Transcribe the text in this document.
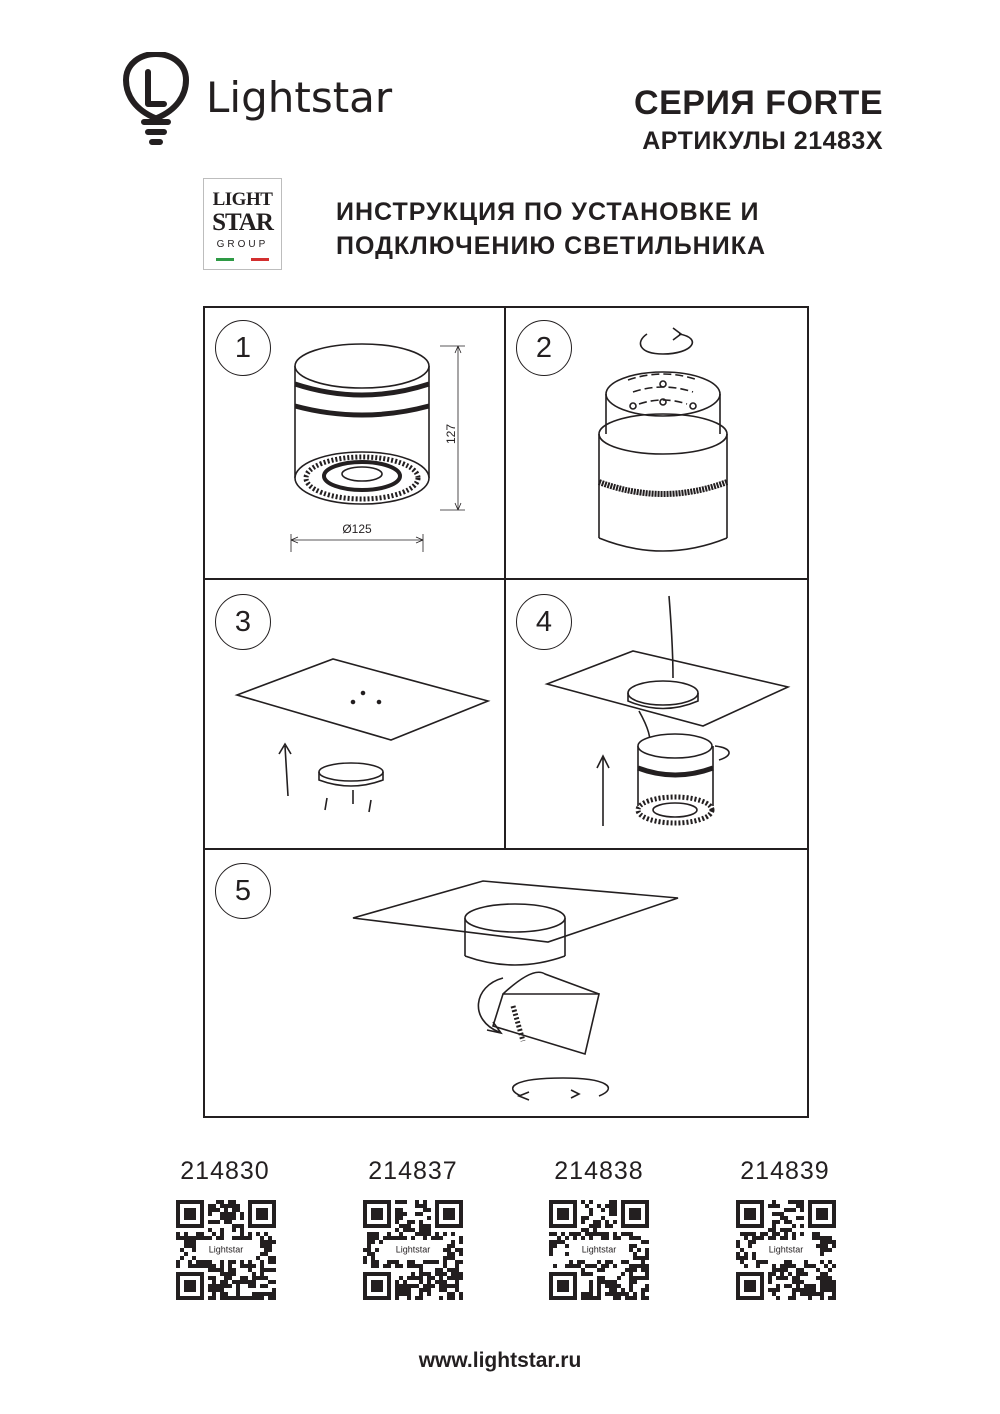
Lightstar	СЕРИЯ FORTE
АРТИКУЛЫ 21483X
LIGHT
STAR
GROUP
ИНСТРУКЦИЯ ПО УСТАНОВКЕ И
ПОДКЛЮЧЕНИЮ СВЕТИЛЬНИКА
127
Ø125
1	2
3	4
5
214830	214837	214838	214839
Lightstar	Lightstar	Lightstar	Lightstar
www.lightstar.ru
